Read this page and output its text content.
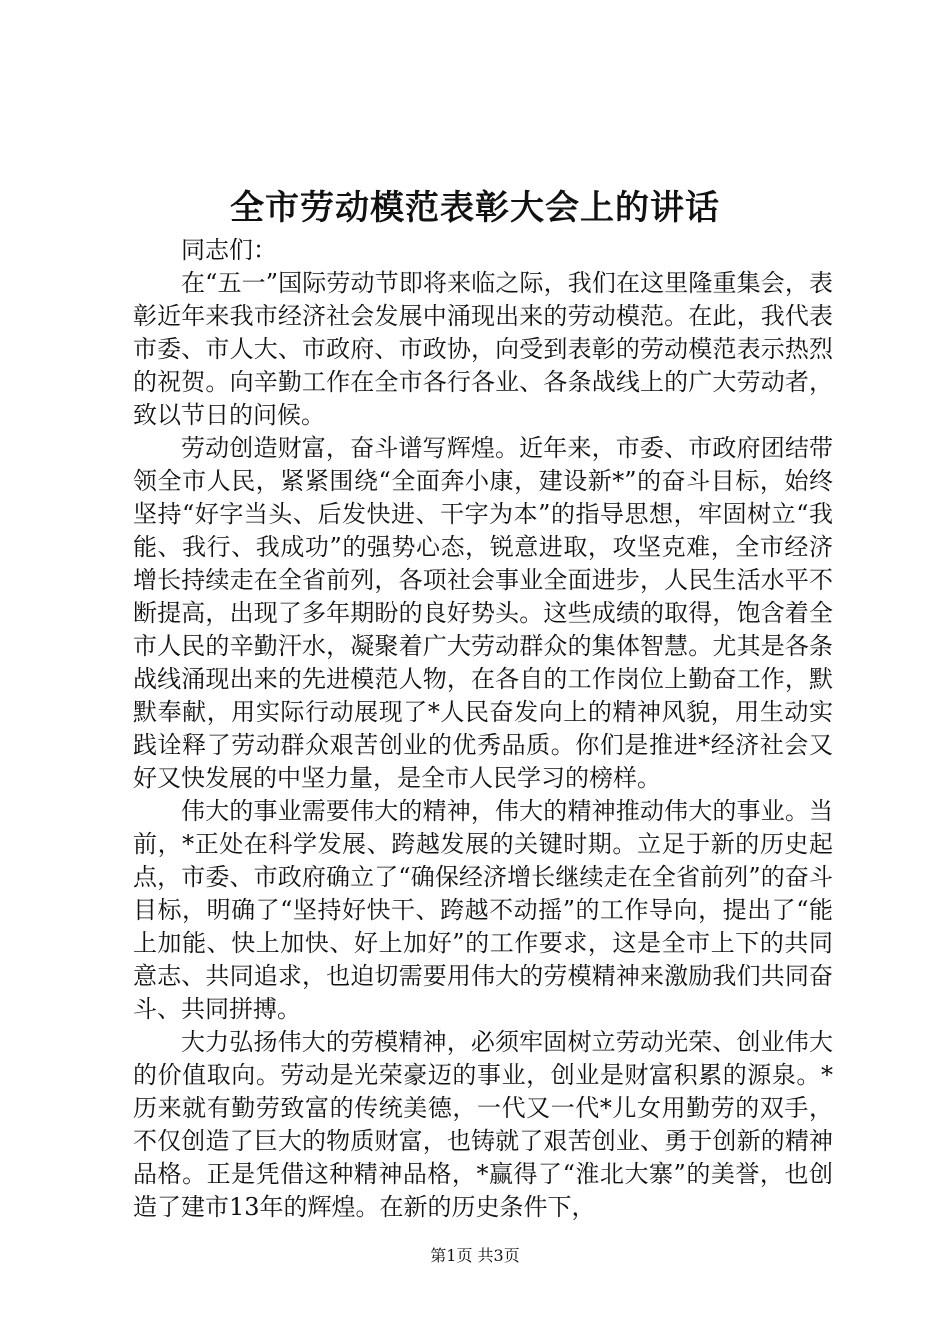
全市劳动模范表彰大会上的讲话

同志们：

在“五一”国际劳动节即将来临之际，我们在这里隆重集会，表彰近年来我市经济社会发展中涌现出来的劳动模范。在此，我代表市委、市人大、市政府、市政协，向受到表彰的劳动模范表示热烈的祝贺。向辛勤工作在全市各行各业、各条战线上的广大劳动者，致以节日的问候。

劳动创造财富，奋斗谱写辉煌。近年来，市委、市政府团结带领全市人民，紧紧围绕“全面奔小康，建设新*”的奋斗目标，始终坚持“好字当头、后发快进、干字为本”的指导思想，牢固树立“我能、我行、我成功”的强势心态，锐意进取，攻坚克难，全市经济增长持续走在全省前列，各项社会事业全面进步，人民生活水平不断提高，出现了多年期盼的良好势头。这些成绩的取得，饱含着全市人民的辛勤汗水，凝聚着广大劳动群众的集体智慧。尤其是各条战线涌现出来的先进模范人物，在各自的工作岗位上勤奋工作，默默奉献，用实际行动展现了*人民奋发向上的精神风貌，用生动实践诠释了劳动群众艰苦创业的优秀品质。你们是推进*经济社会又好又快发展的中坚力量，是全市人民学习的榜样。

伟大的事业需要伟大的精神，伟大的精神推动伟大的事业。当前，*正处在科学发展、跨越发展的关键时期。立足于新的历史起点，市委、市政府确立了“确保经济增长继续走在全省前列”的奋斗目标，明确了“坚持好快干、跨越不动摇”的工作导向，提出了“能上加能、快上加快、好上加好”的工作要求，这是全市上下的共同意志、共同追求，也迫切需要用伟大的劳模精神来激励我们共同奋斗、共同拼搏。

大力弘扬伟大的劳模精神，必须牢固树立劳动光荣、创业伟大的价值取向。劳动是光荣豪迈的事业，创业是财富积累的源泉。*历来就有勤劳致富的传统美德，一代又一代*儿女用勤劳的双手，不仅创造了巨大的物质财富，也铸就了艰苦创业、勇于创新的精神品格。正是凭借这种精神品格，*赢得了“淮北大寨”的美誉，也创造了建市13年的辉煌。在新的历史条件下，

第1页 共3页
